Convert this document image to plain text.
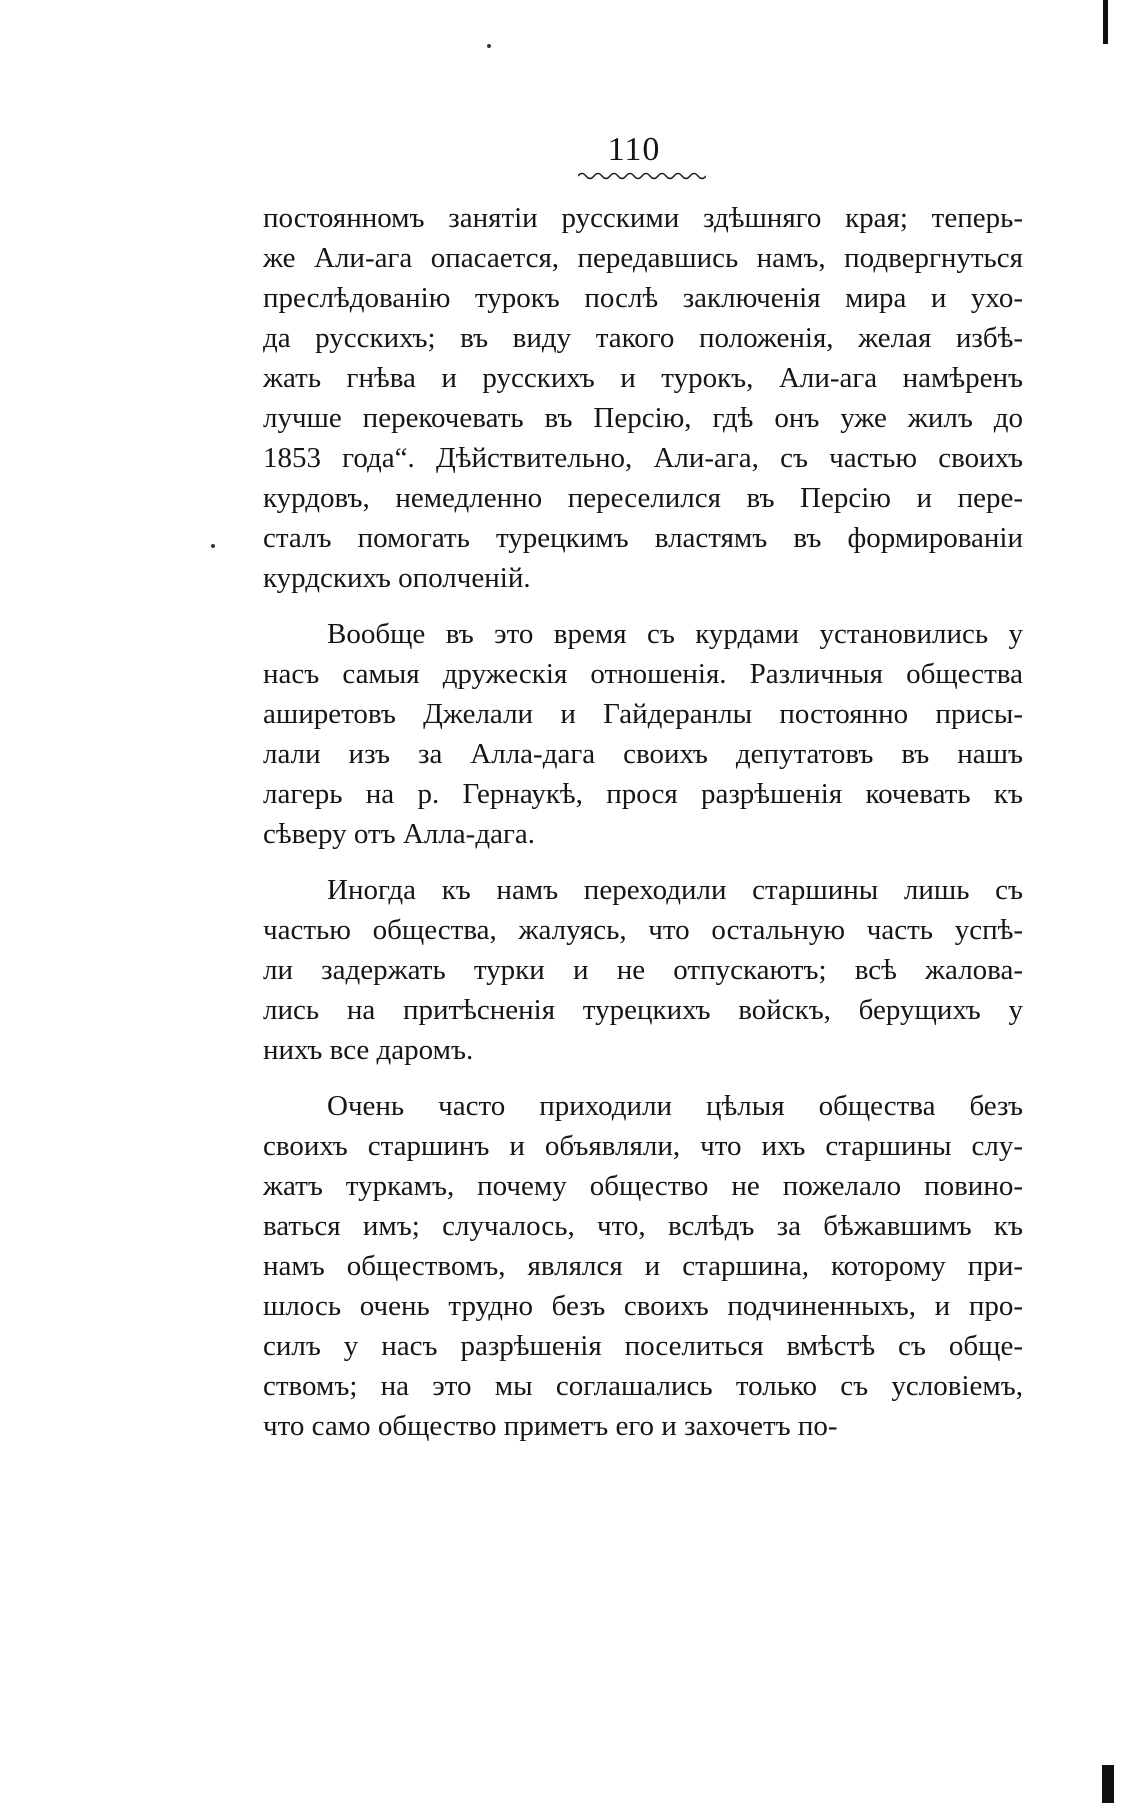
110
постоянномъ занятіи русскими здѣшняго края; теперь-
же Али-ага опасается, передавшись намъ, подвергнуться
преслѣдованію турокъ послѣ заключенія мира и ухо-
да русскихъ; въ виду такого положенія, желая избѣ-
жать гнѣва и русскихъ и турокъ, Али-ага намѣренъ
лучше перекочевать въ Персію, гдѣ онъ уже жилъ до
1853 года“. Дѣйствительно, Али-ага, съ частью своихъ
курдовъ, немедленно переселился въ Персію и пере-
сталъ помогать турецкимъ властямъ въ формированіи
курдскихъ ополченій.
Вообще въ это время съ курдами установились у
насъ самыя дружескія отношенія. Различныя общества
аширетовъ Джелали и Гайдеранлы постоянно присы-
лали изъ за Алла-дага своихъ депутатовъ въ нашъ
лагерь на р. Гернаукѣ, прося разрѣшенія кочевать къ
сѣверу отъ Алла-дага.
Иногда къ намъ переходили старшины лишь съ
частью общества, жалуясь, что остальную часть успѣ-
ли задержать турки и не отпускаютъ; всѣ жалова-
лись на притѣсненія турецкихъ войскъ, берущихъ у
нихъ все даромъ.
Очень часто приходили цѣлыя общества безъ
своихъ старшинъ и объявляли, что ихъ старшины слу-
жатъ туркамъ, почему общество не пожелало повино-
ваться имъ; случалось, что, вслѣдъ за бѣжавшимъ къ
намъ обществомъ, являлся и старшина, которому при-
шлось очень трудно безъ своихъ подчиненныхъ, и про-
силъ у насъ разрѣшенія поселиться вмѣстѣ съ обще-
ствомъ; на это мы соглашались только съ условіемъ,
что само общество приметъ его и захочетъ по-
